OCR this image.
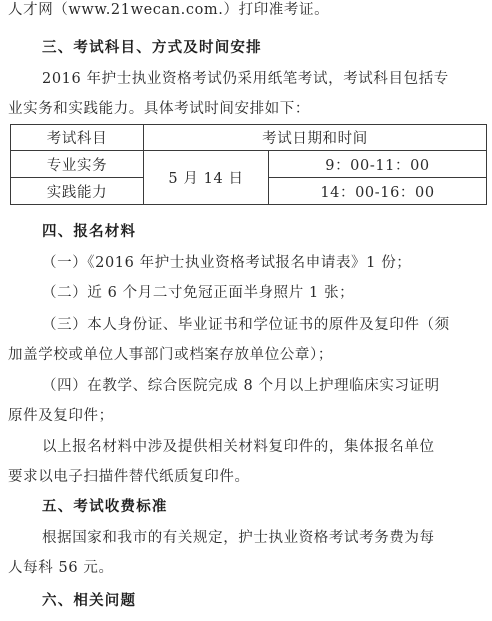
人才网（www.21wecan.com.）打印准考证。
三、考试科目、方式及时间安排
2016 年护士执业资格考试仍采用纸笔考试，考试科目包括专
业实务和实践能力。具体考试时间安排如下：
考试科目	考试日期和时间	
专业实务	5 月 14 日	9：00-11：00
实践能力		14：00-16：00
四、报名材料
（一）《2016 年护士执业资格考试报名申请表》1 份；
（二）近 6 个月二寸免冠正面半身照片 1 张；
（三）本人身份证、毕业证书和学位证书的原件及复印件（须
加盖学校或单位人事部门或档案存放单位公章）；
（四）在教学、综合医院完成 8 个月以上护理临床实习证明
原件及复印件；
以上报名材料中涉及提供相关材料复印件的，集体报名单位
要求以电子扫描件替代纸质复印件。
五、考试收费标准
根据国家和我市的有关规定，护士执业资格考试考务费为每
人每科 56 元。
六、相关问题
